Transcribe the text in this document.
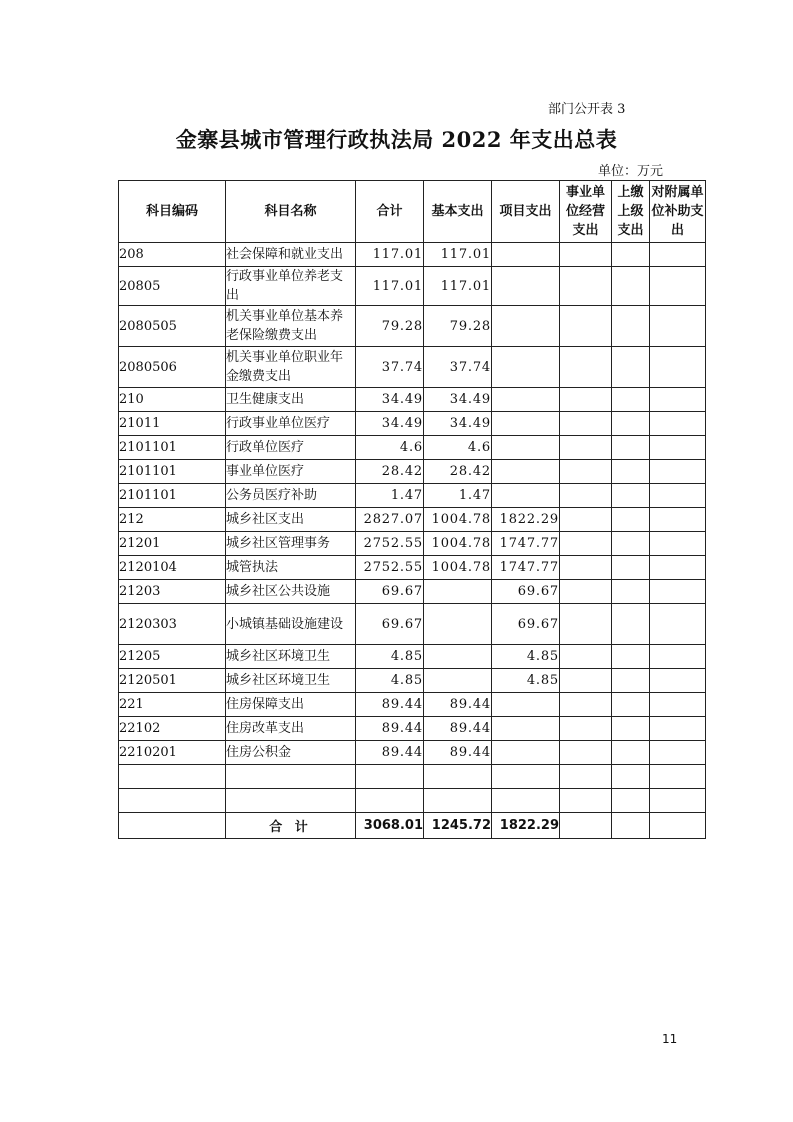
部门公开表 3
金寨县城市管理行政执法局 2022 年支出总表
单位：万元
科目编码	科目名称	合计	基本支出	项目支出	事业单位经营支出	上缴上级支出	对附属单位补助支出
208	社会保障和就业支出	117.01	117.01				
20805	行政事业单位养老支出	117.01	117.01				
2080505	机关事业单位基本养老保险缴费支出	79.28	79.28				
2080506	机关事业单位职业年金缴费支出	37.74	37.74				
210	卫生健康支出	34.49	34.49				
21011	行政事业单位医疗	34.49	34.49				
2101101	行政单位医疗	4.6	4.6				
2101101	事业单位医疗	28.42	28.42				
2101101	公务员医疗补助	1.47	1.47				
212	城乡社区支出	2827.07	1004.78	1822.29			
21201	城乡社区管理事务	2752.55	1004.78	1747.77			
2120104	城管执法	2752.55	1004.78	1747.77			
21203	城乡社区公共设施	69.67		69.67			
2120303	小城镇基础设施建设	69.67		69.67			
21205	城乡社区环境卫生	4.85		4.85			
2120501	城乡社区环境卫生	4.85		4.85			
221	住房保障支出	89.44	89.44				
22102	住房改革支出	89.44	89.44				
2210201	住房公积金	89.44	89.44				

	合 计	3068.01	1245.72	1822.29			
11
